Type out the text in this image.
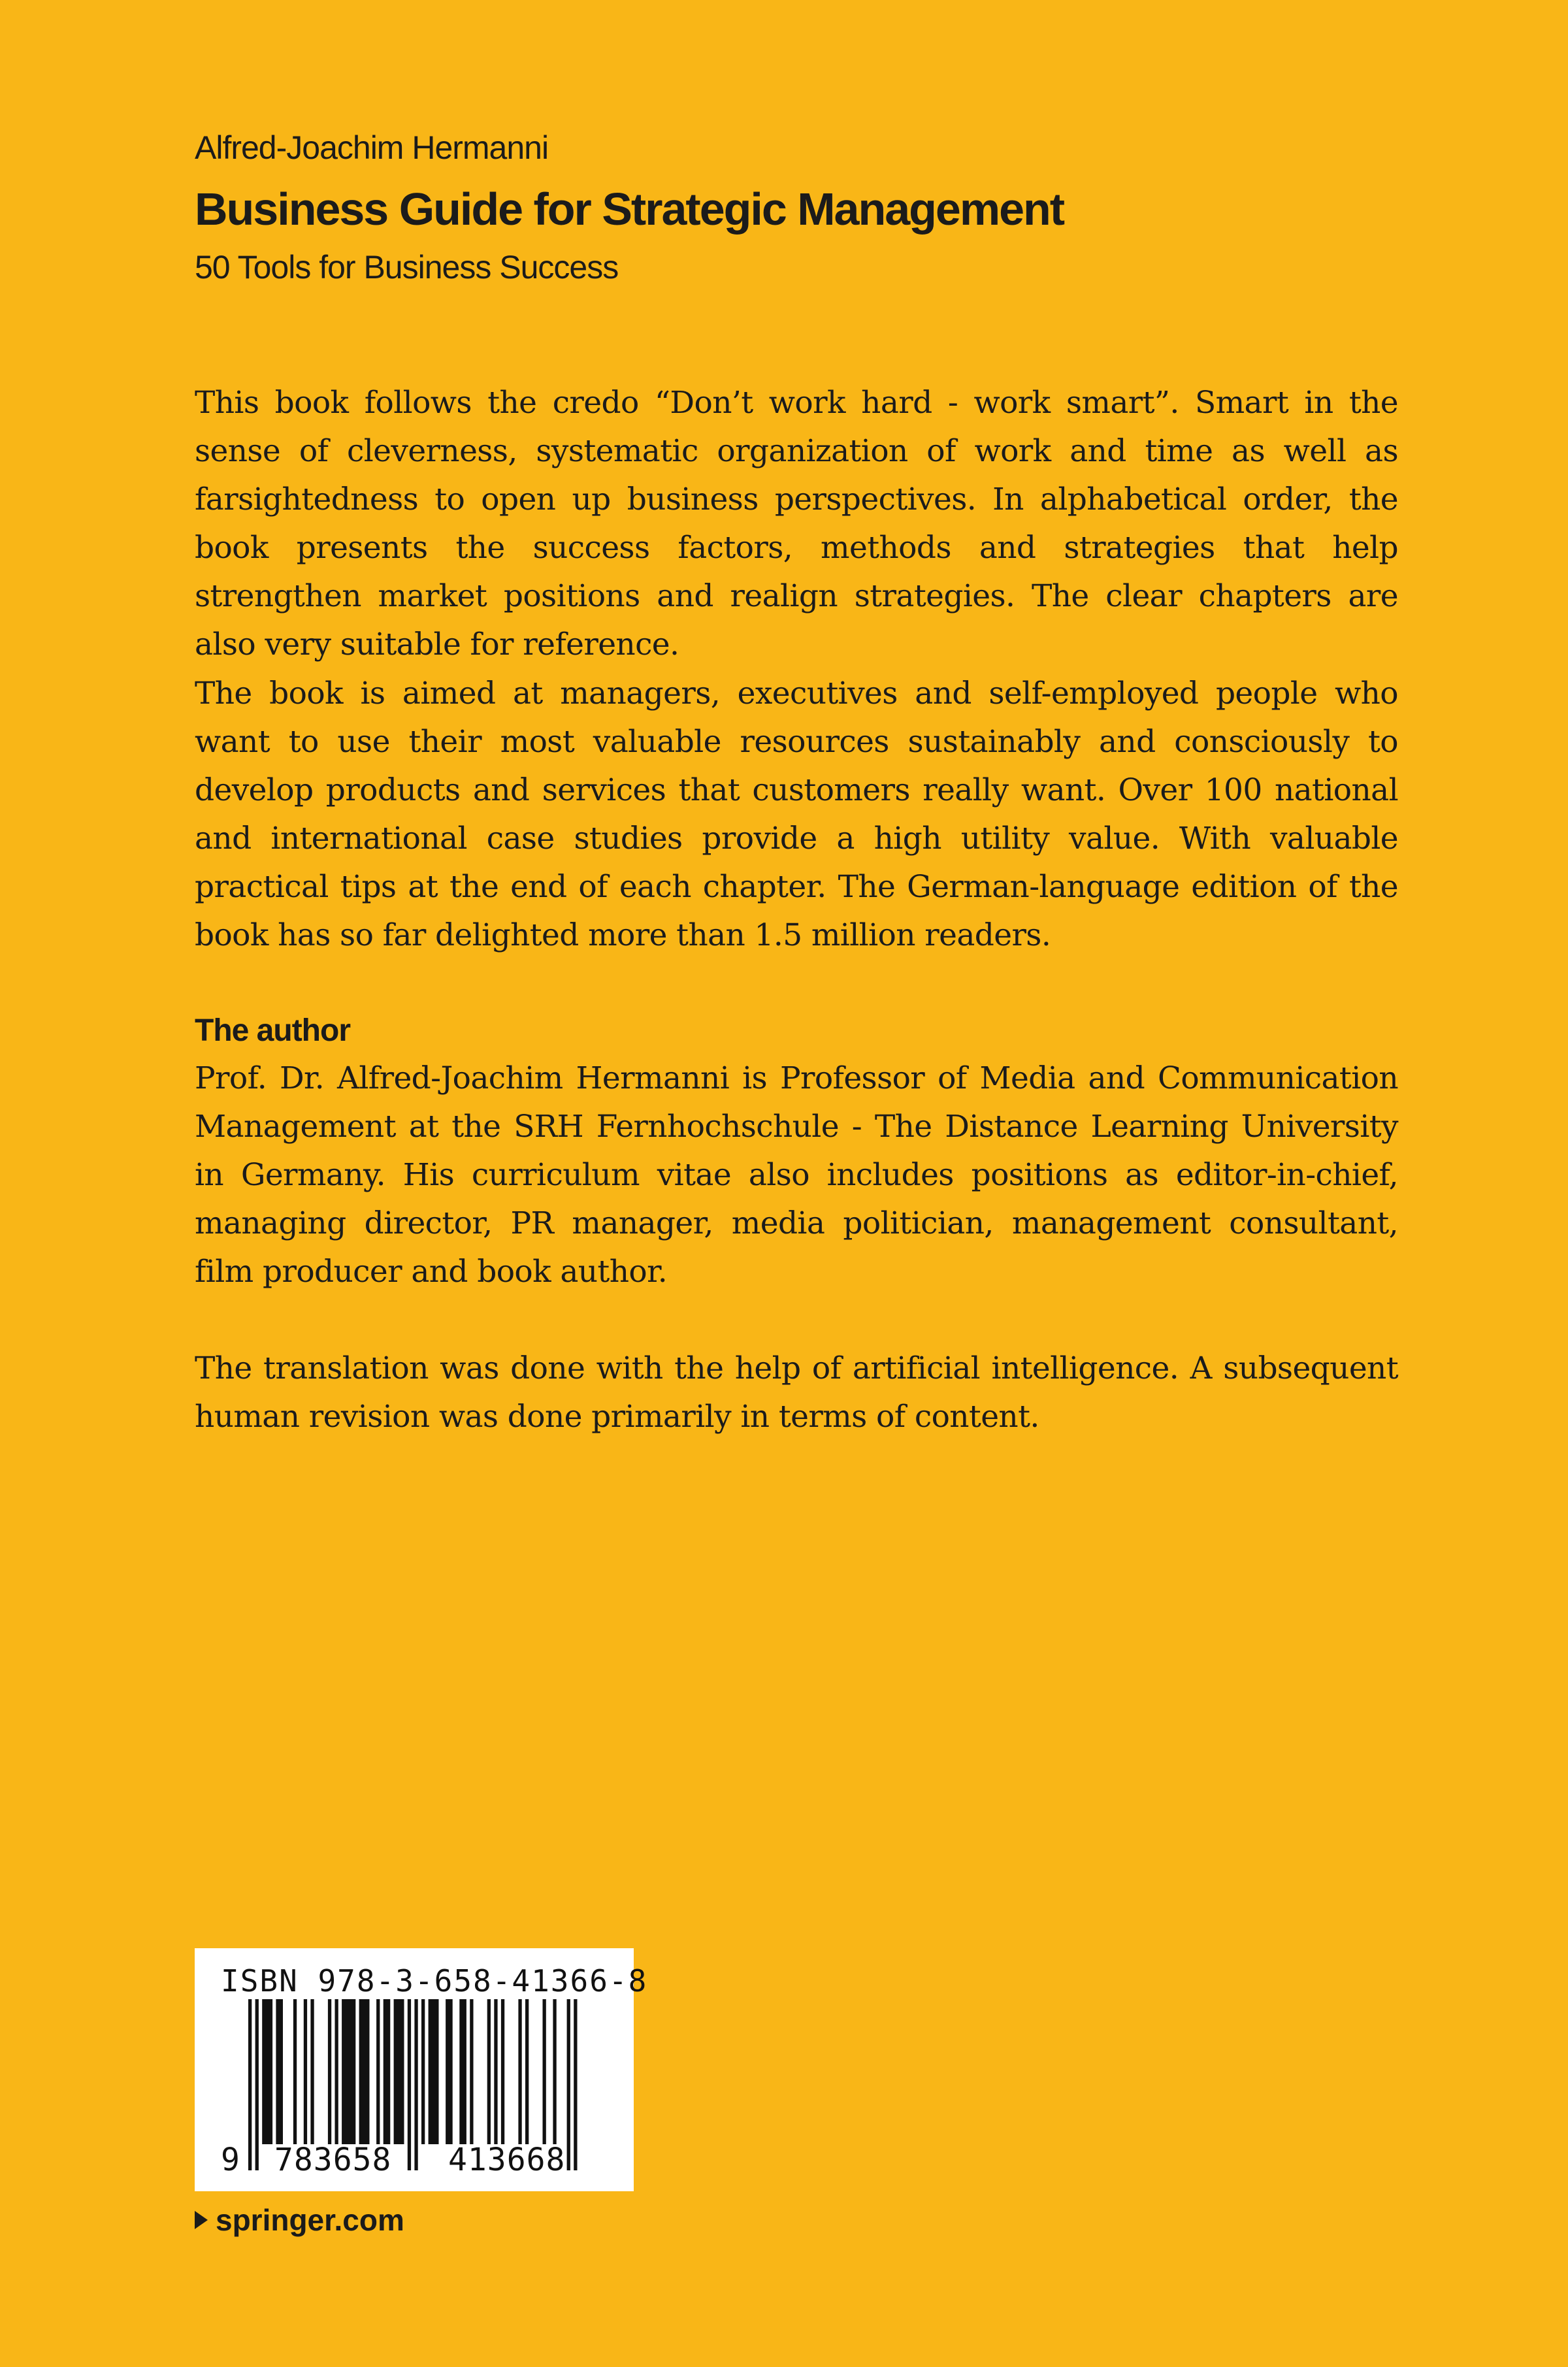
Alfred-Joachim Hermanni
Business Guide for Strategic Management
50 Tools for Business Success

This book follows the credo “Don’t work hard - work smart”. Smart in the sense of cleverness, systematic organization of work and time as well as farsightedness to open up business perspectives. In alphabetical order, the book presents the success factors, methods and strategies that help strengthen market positions and realign strategies. The clear chapters are also very suitable for reference.

The book is aimed at managers, executives and self-employed people who want to use their most valuable resources sustainably and consciously to develop products and services that customers really want. Over 100 national and international case studies provide a high utility value. With valuable practical tips at the end of each chapter. The German-language edition of the book has so far delighted more than 1.5 million readers.

The author

Prof. Dr. Alfred-Joachim Hermanni is Professor of Media and Communication Management at the SRH Fernhochschule - The Distance Learning University in Germany. His curriculum vitae also includes positions as editor-in-chief, managing director, PR manager, media politician, management consultant, film producer and book author.

The translation was done with the help of artificial intelligence. A subsequent human revision was done primarily in terms of content.

ISBN 978-3-658-41366-8
9 783658 413668
springer.com
